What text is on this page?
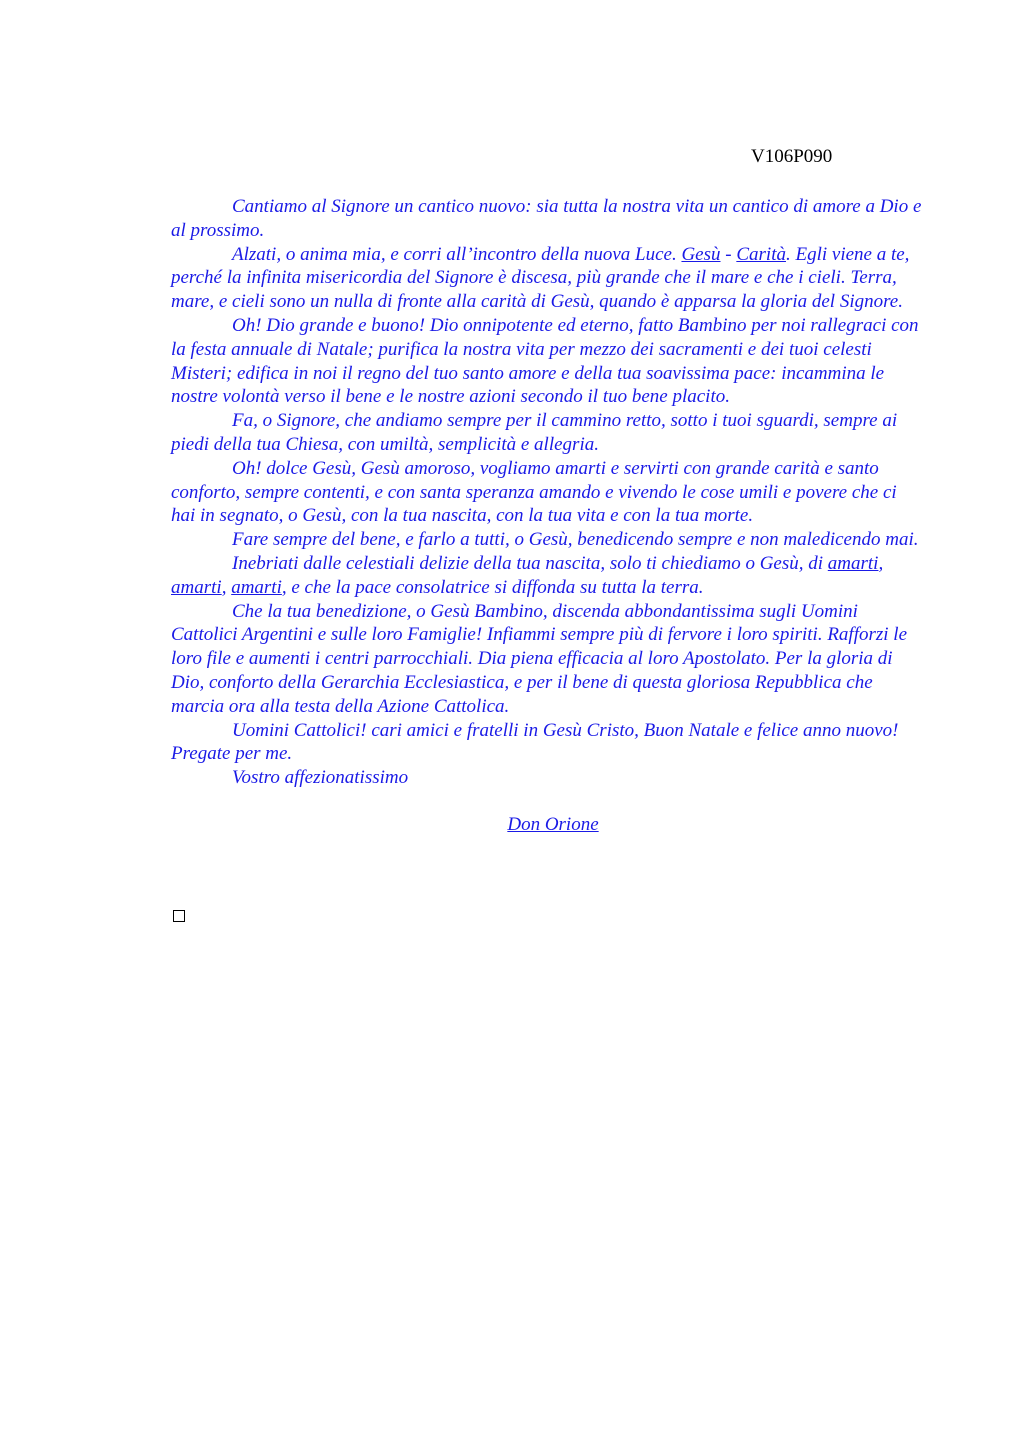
V106P090

Cantiamo al Signore un cantico nuovo: sia tutta la nostra vita un cantico di amore a Dio e al prossimo.

Alzati, o anima mia, e corri all’incontro della nuova Luce. Gesù - Carità. Egli viene a te, perché la infinita misericordia del Signore è discesa, più grande che il mare e che i cieli. Terra, mare, e cieli sono un nulla di fronte alla carità di Gesù, quando è apparsa la gloria del Signore.

Oh! Dio grande e buono! Dio onnipotente ed eterno, fatto Bambino per noi rallegraci con la festa annuale di Natale; purifica la nostra vita per mezzo dei sacramenti e dei tuoi celesti Misteri; edifica in noi il regno del tuo santo amore e della tua soavissima pace: incammina le nostre volontà verso il bene e le nostre azioni secondo il tuo bene placito.

Fa, o Signore, che andiamo sempre per il cammino retto, sotto i tuoi sguardi, sempre ai piedi della tua Chiesa, con umiltà, semplicità e allegria.

Oh! dolce Gesù, Gesù amoroso, vogliamo amarti e servirti con grande carità e santo conforto, sempre contenti, e con santa speranza amando e vivendo le cose umili e povere che ci hai in segnato, o Gesù, con la tua nascita, con la tua vita e con la tua morte.

Fare sempre del bene, e farlo a tutti, o Gesù, benedicendo sempre e non maledicendo mai.

Inebriati dalle celestiali delizie della tua nascita, solo ti chiediamo o Gesù, di amarti, amarti, amarti, e che la pace consolatrice si diffonda su tutta la terra.

Che la tua benedizione, o Gesù Bambino, discenda abbondantissima sugli Uomini Cattolici Argentini e sulle loro Famiglie! Infiammi sempre più di fervore i loro spiriti. Rafforzi le loro file e aumenti i centri parrocchiali. Dia piena efficacia al loro Apostolato. Per la gloria di Dio, conforto della Gerarchia Ecclesiastica, e per il bene di questa gloriosa Repubblica che marcia ora alla testa della Azione Cattolica.

Uomini Cattolici! cari amici e fratelli in Gesù Cristo, Buon Natale e felice anno nuovo! Pregate per me.

Vostro affezionatissimo

Don Orione
